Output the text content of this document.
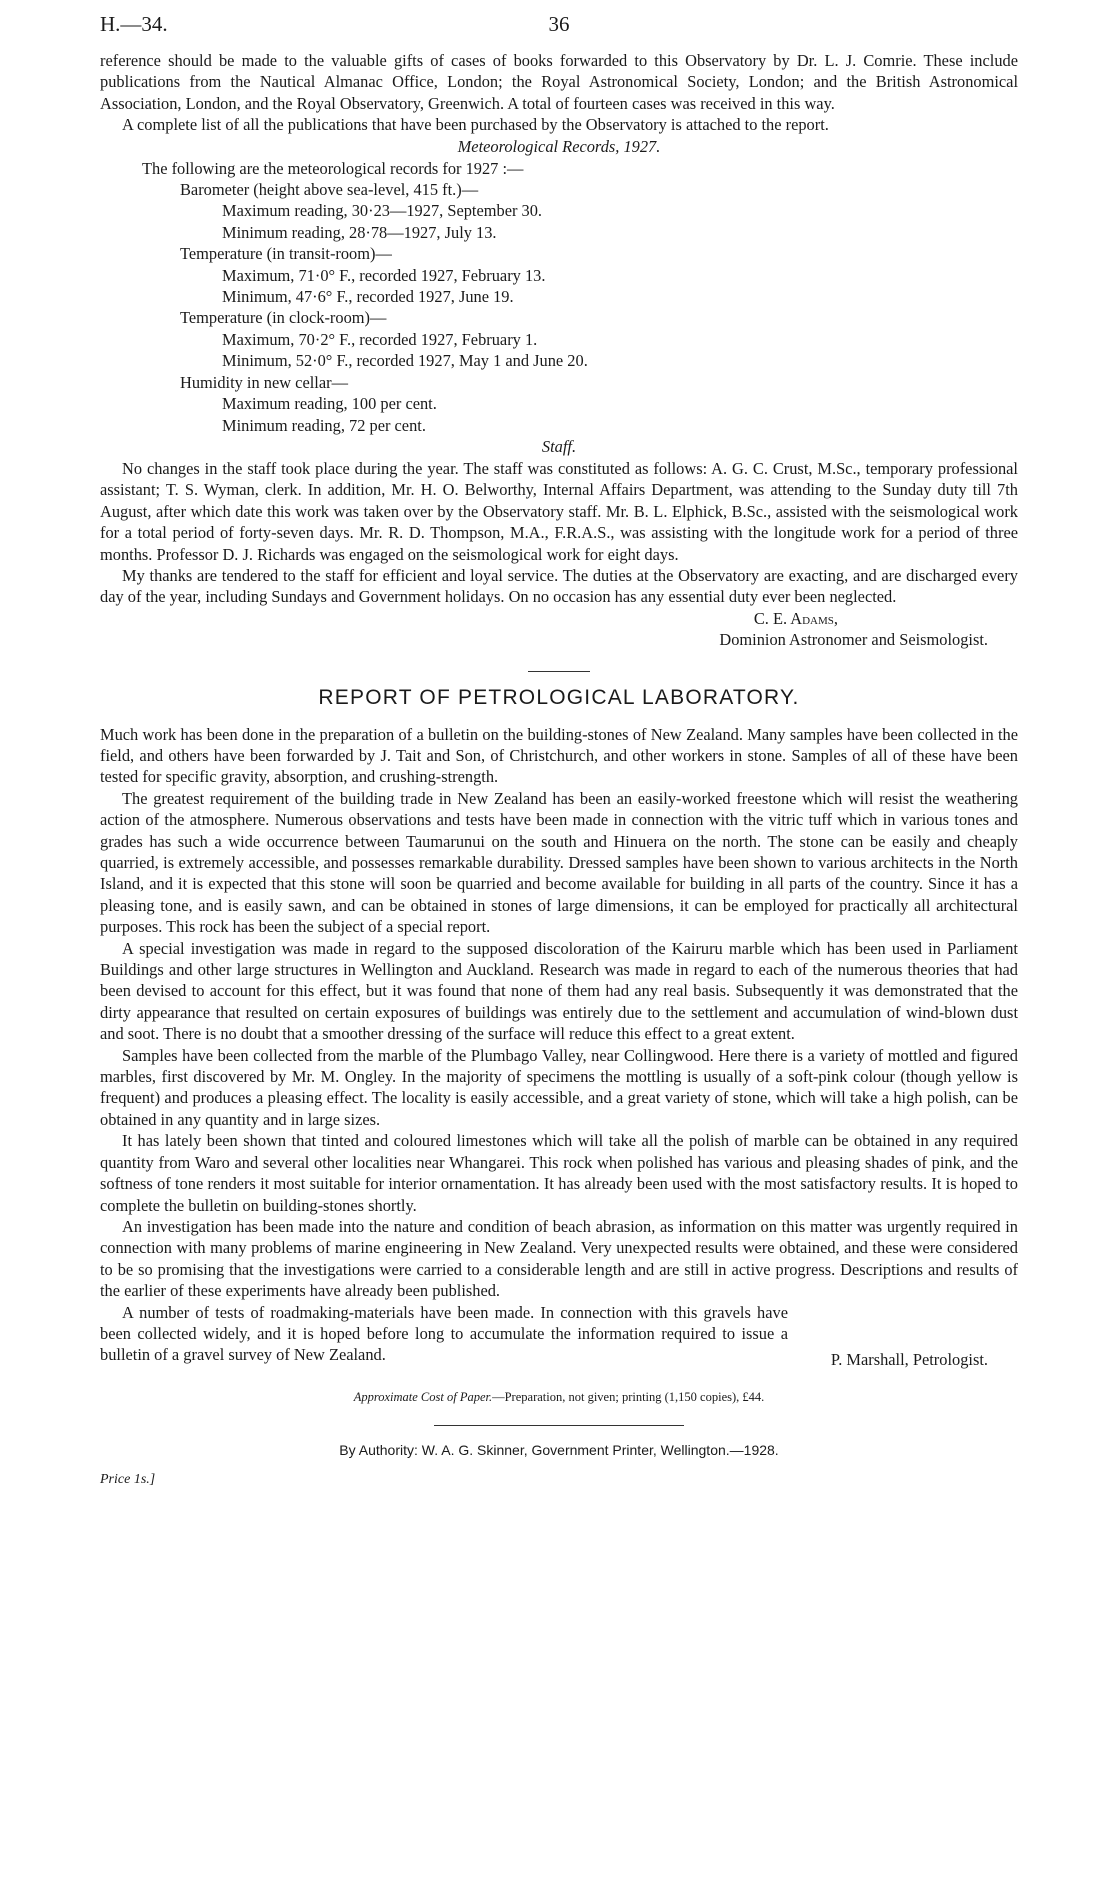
H.—34.	36

reference should be made to the valuable gifts of cases of books forwarded to this Observatory by Dr. L. J. Comrie. These include publications from the Nautical Almanac Office, London; the Royal Astronomical Society, London; and the British Astronomical Association, London, and the Royal Observatory, Greenwich. A total of fourteen cases was received in this way.

A complete list of all the publications that have been purchased by the Observatory is attached to the report.

Meteorological Records, 1927.
The following are the meteorological records for 1927 :—
Barometer (height above sea-level, 415 ft.)—
Maximum reading, 30·23—1927, September 30.
Minimum reading, 28·78—1927, July 13.
Temperature (in transit-room)—
Maximum, 71·0° F., recorded 1927, February 13.
Minimum, 47·6° F., recorded 1927, June 19.
Temperature (in clock-room)—
Maximum, 70·2° F., recorded 1927, February 1.
Minimum, 52·0° F., recorded 1927, May 1 and June 20.
Humidity in new cellar—
Maximum reading, 100 per cent.
Minimum reading, 72 per cent.
Staff.

No changes in the staff took place during the year. The staff was constituted as follows: A. G. C. Crust, M.Sc., temporary professional assistant; T. S. Wyman, clerk. In addition, Mr. H. O. Belworthy, Internal Affairs Department, was attending to the Sunday duty till 7th August, after which date this work was taken over by the Observatory staff. Mr. B. L. Elphick, B.Sc., assisted with the seismological work for a total period of forty-seven days. Mr. R. D. Thompson, M.A., F.R.A.S., was assisting with the longitude work for a period of three months. Professor D. J. Richards was engaged on the seismological work for eight days.

My thanks are tendered to the staff for efficient and loyal service. The duties at the Observatory are exacting, and are discharged every day of the year, including Sundays and Government holidays. On no occasion has any essential duty ever been neglected.

C. E. Adams,
Dominion Astronomer and Seismologist.
REPORT OF PETROLOGICAL LABORATORY.

Much work has been done in the preparation of a bulletin on the building-stones of New Zealand. Many samples have been collected in the field, and others have been forwarded by J. Tait and Son, of Christchurch, and other workers in stone. Samples of all of these have been tested for specific gravity, absorption, and crushing-strength.

The greatest requirement of the building trade in New Zealand has been an easily-worked freestone which will resist the weathering action of the atmosphere. Numerous observations and tests have been made in connection with the vitric tuff which in various tones and grades has such a wide occurrence between Taumarunui on the south and Hinuera on the north. The stone can be easily and cheaply quarried, is extremely accessible, and possesses remarkable durability. Dressed samples have been shown to various architects in the North Island, and it is expected that this stone will soon be quarried and become available for building in all parts of the country. Since it has a pleasing tone, and is easily sawn, and can be obtained in stones of large dimensions, it can be employed for practically all architectural purposes. This rock has been the subject of a special report.

A special investigation was made in regard to the supposed discoloration of the Kairuru marble which has been used in Parliament Buildings and other large structures in Wellington and Auckland. Research was made in regard to each of the numerous theories that had been devised to account for this effect, but it was found that none of them had any real basis. Subsequently it was demonstrated that the dirty appearance that resulted on certain exposures of buildings was entirely due to the settlement and accumulation of wind-blown dust and soot. There is no doubt that a smoother dressing of the surface will reduce this effect to a great extent.

Samples have been collected from the marble of the Plumbago Valley, near Collingwood. Here there is a variety of mottled and figured marbles, first discovered by Mr. M. Ongley. In the majority of specimens the mottling is usually of a soft-pink colour (though yellow is frequent) and produces a pleasing effect. The locality is easily accessible, and a great variety of stone, which will take a high polish, can be obtained in any quantity and in large sizes.

It has lately been shown that tinted and coloured limestones which will take all the polish of marble can be obtained in any required quantity from Waro and several other localities near Whangarei. This rock when polished has various and pleasing shades of pink, and the softness of tone renders it most suitable for interior ornamentation. It has already been used with the most satisfactory results. It is hoped to complete the bulletin on building-stones shortly.

An investigation has been made into the nature and condition of beach abrasion, as information on this matter was urgently required in connection with many problems of marine engineering in New Zealand. Very unexpected results were obtained, and these were considered to be so promising that the investigations were carried to a considerable length and are still in active progress. Descriptions and results of the earlier of these experiments have already been published.

A number of tests of roadmaking-materials have been made. In connection with this gravels have been collected widely, and it is hoped before long to accumulate the information required to issue a bulletin of a gravel survey of New Zealand.	P. Marshall, Petrologist.
Approximate Cost of Paper.—Preparation, not given; printing (1,150 copies), £44.
By Authority: W. A. G. Skinner, Government Printer, Wellington.—1928.
Price 1s.]
